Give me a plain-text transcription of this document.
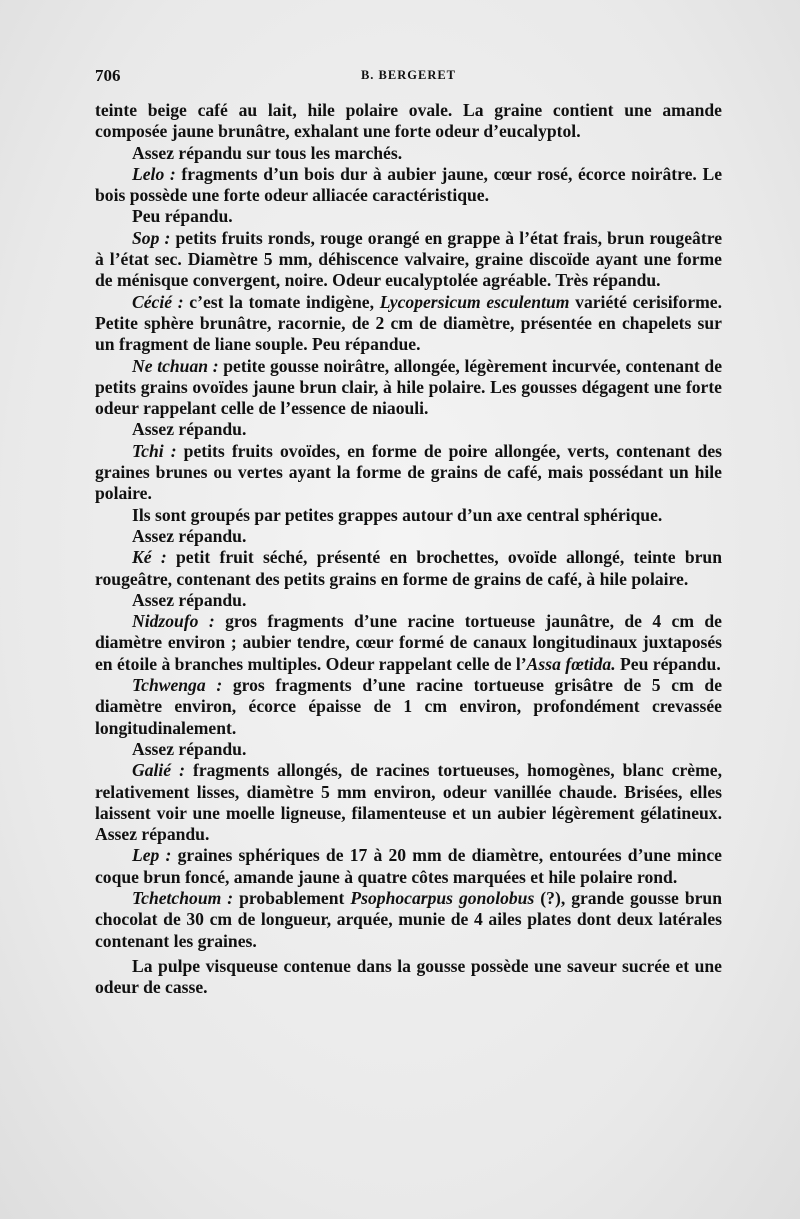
706	B. BERGERET

teinte beige café au lait, hile polaire ovale. La graine contient une amande composée jaune brunâtre, exhalant une forte odeur d’eucalyptol.

Assez répandu sur tous les marchés.

Lelo : fragments d’un bois dur à aubier jaune, cœur rosé, écorce noirâtre. Le bois possède une forte odeur alliacée caractéristique.

Peu répandu.

Sop : petits fruits ronds, rouge orangé en grappe à l’état frais, brun rougeâtre à l’état sec. Diamètre 5 mm, déhiscence valvaire, graine discoïde ayant une forme de ménisque convergent, noire. Odeur eucalyptolée agréable. Très répandu.

Cécié : c’est la tomate indigène, Lycopersicum esculentum variété cerisiforme. Petite sphère brunâtre, racornie, de 2 cm de diamètre, présentée en chapelets sur un fragment de liane souple. Peu répandue.

Ne tchuan : petite gousse noirâtre, allongée, légèrement incurvée, contenant de petits grains ovoïdes jaune brun clair, à hile polaire. Les gousses dégagent une forte odeur rappelant celle de l’essence de niaouli.

Assez répandu.

Tchi : petits fruits ovoïdes, en forme de poire allongée, verts, contenant des graines brunes ou vertes ayant la forme de grains de café, mais possédant un hile polaire.

Ils sont groupés par petites grappes autour d’un axe central sphérique.

Assez répandu.

Ké : petit fruit séché, présenté en brochettes, ovoïde allongé, teinte brun rougeâtre, contenant des petits grains en forme de grains de café, à hile polaire.

Assez répandu.

Nidzoufo : gros fragments d’une racine tortueuse jaunâtre, de 4 cm de diamètre environ ; aubier tendre, cœur formé de canaux longitudinaux juxtaposés en étoile à branches multiples. Odeur rappelant celle de l’Assa fœtida. Peu répandu.

Tchwenga : gros fragments d’une racine tortueuse grisâtre de 5 cm de diamètre environ, écorce épaisse de 1 cm environ, profondément crevassée longitudinalement.

Assez répandu.

Galié : fragments allongés, de racines tortueuses, homogènes, blanc crème, relativement lisses, diamètre 5 mm environ, odeur vanillée chaude. Brisées, elles laissent voir une moelle ligneuse, filamenteuse et un aubier légèrement gélatineux. Assez répandu.

Lep : graines sphériques de 17 à 20 mm de diamètre, entourées d’une mince coque brun foncé, amande jaune à quatre côtes marquées et hile polaire rond.

Tchetchoum : probablement Psophocarpus gonolobus (?), grande gousse brun chocolat de 30 cm de longueur, arquée, munie de 4 ailes plates dont deux latérales contenant les graines.

La pulpe visqueuse contenue dans la gousse possède une saveur sucrée et une odeur de casse.
